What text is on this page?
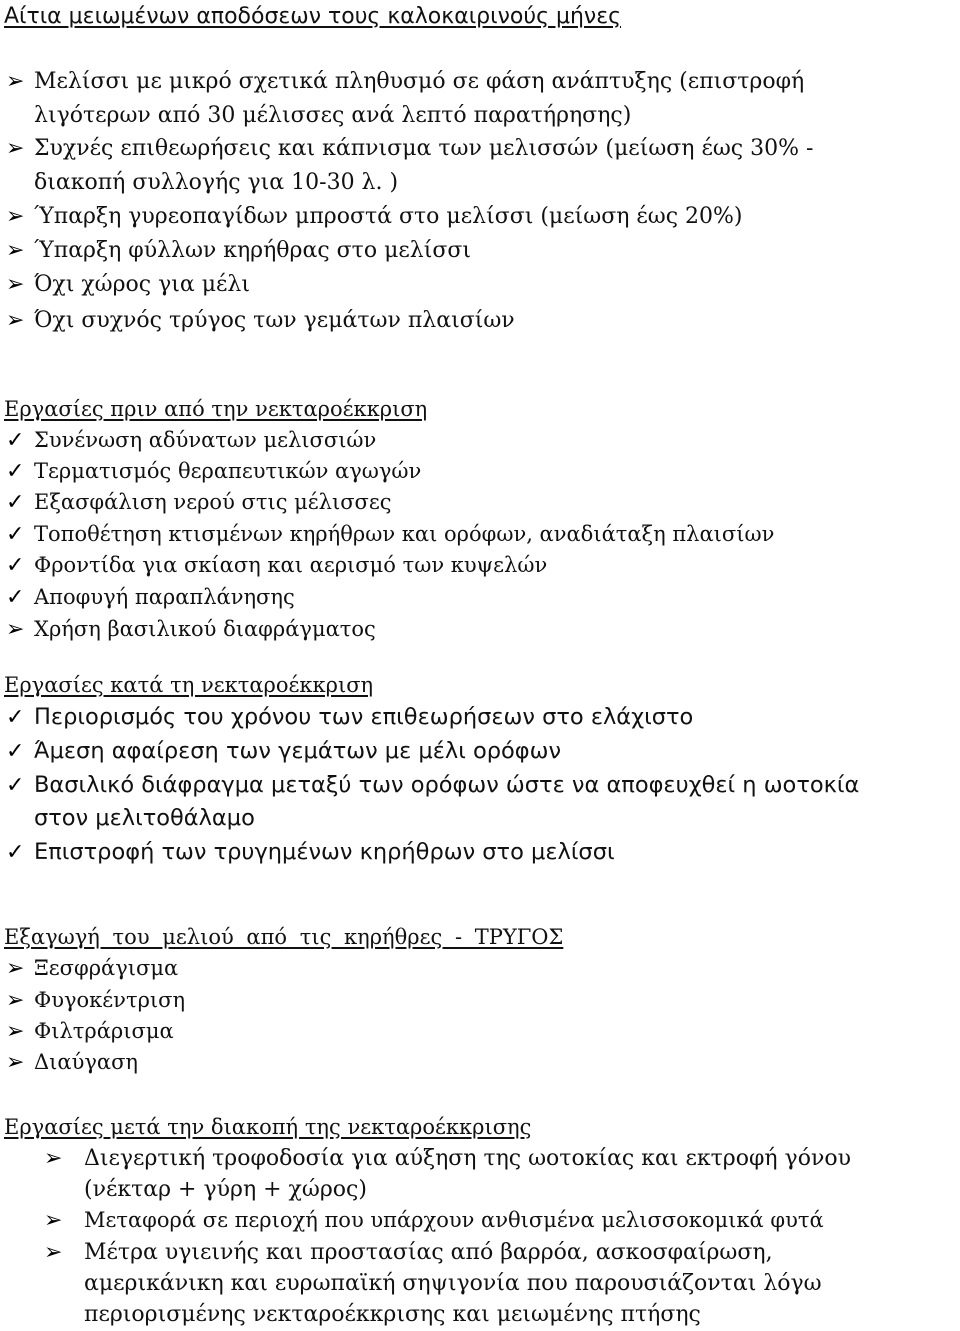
Αίτια μειωμένων αποδόσεων τους καλοκαιρινούς μήνες
➢ Μελίσσι με μικρό σχετικά πληθυσμό σε φάση ανάπτυξης (επιστροφή
λιγότερων από 30 μέλισσες ανά λεπτό παρατήρησης)
➢ Συχνές επιθεωρήσεις και κάπνισμα των μελισσών (μείωση έως 30% -
διακοπή συλλογής για 10-30 λ. )
➢ Ύπαρξη γυρεοπαγίδων μπροστά στο μελίσσι (μείωση έως 20%)
➢ Ύπαρξη φύλλων κηρήθρας στο μελίσσι
➢ Όχι χώρος για μέλι
➢ Όχι συχνός τρύγος των γεμάτων πλαισίων
Εργασίες πριν από την νεκταροέκκριση
✓ Συνένωση αδύνατων μελισσιών
✓ Τερματισμός θεραπευτικών αγωγών
✓ Εξασφάλιση νερού στις μέλισσες
✓ Τοποθέτηση κτισμένων κηρήθρων και ορόφων, αναδιάταξη πλαισίων
✓ Φροντίδα για σκίαση και αερισμό των κυψελών
✓ Αποφυγή παραπλάνησης
➢ Χρήση βασιλικού διαφράγματος
Εργασίες κατά τη νεκταροέκκριση
✓ Περιορισμός του χρόνου των επιθεωρήσεων στο ελάχιστο
✓ Άμεση αφαίρεση των γεμάτων με μέλι ορόφων
✓ Βασιλικό διάφραγμα μεταξύ των ορόφων ώστε να αποφευχθεί η ωοτοκία
στον μελιτοθάλαμο
✓ Επιστροφή των τρυγημένων κηρήθρων στο μελίσσι
Εξαγωγή του μελιού από τις κηρήθρες - ΤΡΥΓΟΣ
➢ Ξεσφράγισμα
➢ Φυγοκέντριση
➢ Φιλτράρισμα
➢ Διαύγαση
Εργασίες μετά την διακοπή της νεκταροέκκρισης
➢ Διεγερτική τροφοδοσία για αύξηση της ωοτοκίας και εκτροφή γόνου
(νέκταρ + γύρη + χώρος)
➢	Μεταφορά σε περιοχή που υπάρχουν ανθισμένα μελισσοκομικά φυτά
➢ Μέτρα υγιεινής και προστασίας από βαρρόα, ασκοσφαίρωση,
αμερικάνικη και ευρωπαϊκή σηψιγονία που παρουσιάζονται λόγω
περιορισμένης νεκταροέκκρισης και μειωμένης πτήσης
